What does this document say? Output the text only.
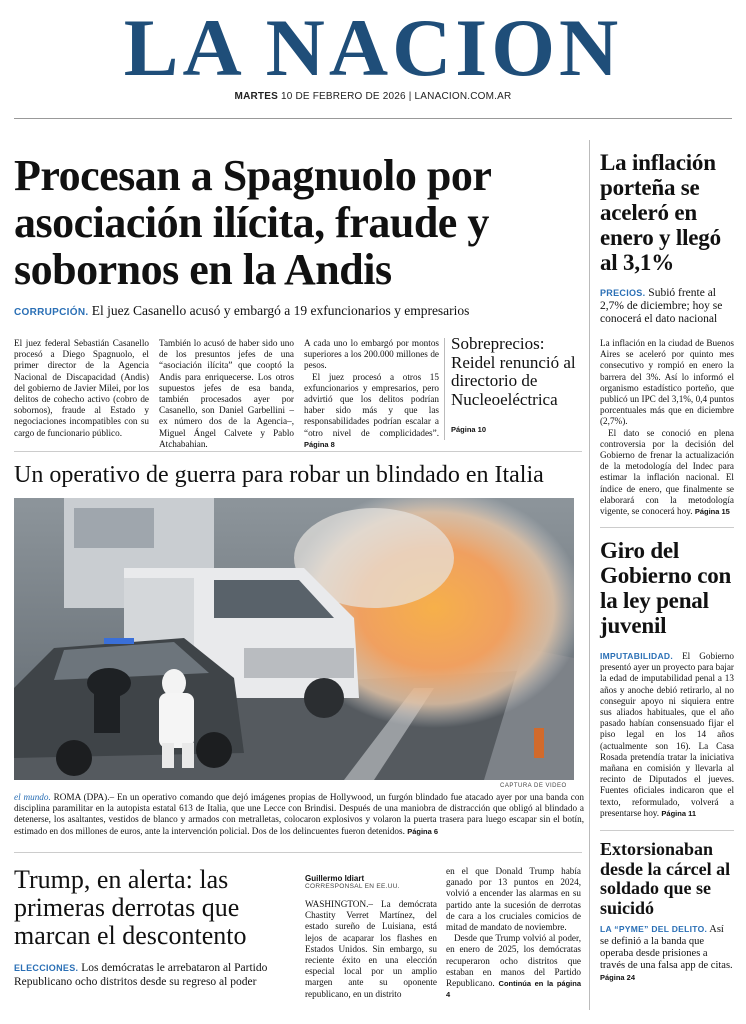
LA NACION
MARTES 10 DE FEBRERO DE 2026 | LANACION.COM.AR
Procesan a Spagnuolo por
asociación ilícita, fraude y
sobornos en la Andis
CORRUPCIÓN. El juez Casanello acusó y embargó a 19 exfuncionarios y empresarios
El juez federal Sebastián Casanello procesó a Diego Spagnuolo, el primer director de la Agencia Nacional de Discapacidad (Andis) del gobierno de Javier Milei, por los delitos de cohecho activo (cobro de sobornos), fraude al Estado y negociaciones incompatibles con su cargo de funcionario público.
También lo acusó de haber sido uno de los presuntos jefes de una “asociación ilícita” que cooptó la Andis para enriquecerse. Los otros supuestos jefes de esa banda, también procesados ayer por Casanello, son Daniel Garbellini –ex número dos de la Agencia–, Miguel Ángel Calvete y Pablo Atchabahian.
A cada uno lo embargó por montos superiores a los 200.000 millones de pesos.
El juez procesó a otros 15 exfuncionarios y empresarios, pero advirtió que los delitos podrían haber sido más y que las responsabilidades podrían escalar a “otro nivel de complicidades”. Página 8
Sobreprecios: Reidel renunció al directorio de Nucleoeléctrica
Página 10
Un operativo de guerra para robar un blindado en Italia
CAPTURA DE VIDEO
el mundo. ROMA (DPA).– En un operativo comando que dejó imágenes propias de Hollywood, un furgón blindado fue atacado ayer por una banda con disciplina paramilitar en la autopista estatal 613 de Italia, que une Lecce con Brindisi. Después de una maniobra de distracción que obligó al blindado a detenerse, los asaltantes, vestidos de blanco y armados con metralletas, colocaron explosivos y volaron la puerta trasera para luego escapar sin el botín, estimado en dos millones de euros, ante la intervención policial. Dos de los delincuentes fueron detenidos. Página 6
Trump, en alerta: las primeras derrotas que marcan el descontento
ELECCIONES. Los demócratas le arrebataron al Partido Republicano ocho distritos desde su regreso al poder
Guillermo Idiart
CORRESPONSAL EN EE.UU.
WASHINGTON.– La demócrata Chastity Verret Martínez, del estado sureño de Luisiana, está lejos de acaparar los flashes en Estados Unidos. Sin embargo, su reciente éxito en una elección especial local por un amplio margen ante su oponente republicano, en un distrito
en el que Donald Trump había ganado por 13 puntos en 2024, volvió a encender las alarmas en su partido ante la sucesión de derrotas de cara a los cruciales comicios de mitad de mandato de noviembre.
Desde que Trump volvió al poder, en enero de 2025, los demócratas recuperaron ocho distritos que estaban en manos del Partido Republicano. Continúa en la página 4
La inflación porteña se aceleró en enero y llegó al 3,1%
PRECIOS. Subió frente al 2,7% de diciembre; hoy se conocerá el dato nacional
La inflación en la ciudad de Buenos Aires se aceleró por quinto mes consecutivo y rompió en enero la barrera del 3%. Así lo informó el organismo estadístico porteño, que publicó un IPC del 3,1%, 0,4 puntos porcentuales más que en diciembre (2,7%).
El dato se conoció en plena controversia por la decisión del Gobierno de frenar la actualización de la metodología del Indec para estimar la inflación nacional. El índice de enero, que finalmente se elaborará con la metodología vigente, se conocerá hoy. Página 15
Giro del Gobierno con la ley penal juvenil
IMPUTABILIDAD. El Gobierno presentó ayer un proyecto para bajar la edad de imputabilidad penal a 13 años y anoche debió retirarlo, al no conseguir apoyo ni siquiera entre sus aliados habituales, que el año pasado habían consensuado fijar el piso legal en los 14 años (actualmente son 16). La Casa Rosada pretendía tratar la iniciativa mañana en comisión y llevarla al recinto de Diputados el jueves. Fuentes oficiales indicaron que el texto, reformulado, volverá a presentarse hoy. Página 11
Extorsionaban desde la cárcel al soldado que se suicidó
LA “PYME” DEL DELITO. Así se definió a la banda que operaba desde prisiones a través de una falsa app de citas. Página 24
